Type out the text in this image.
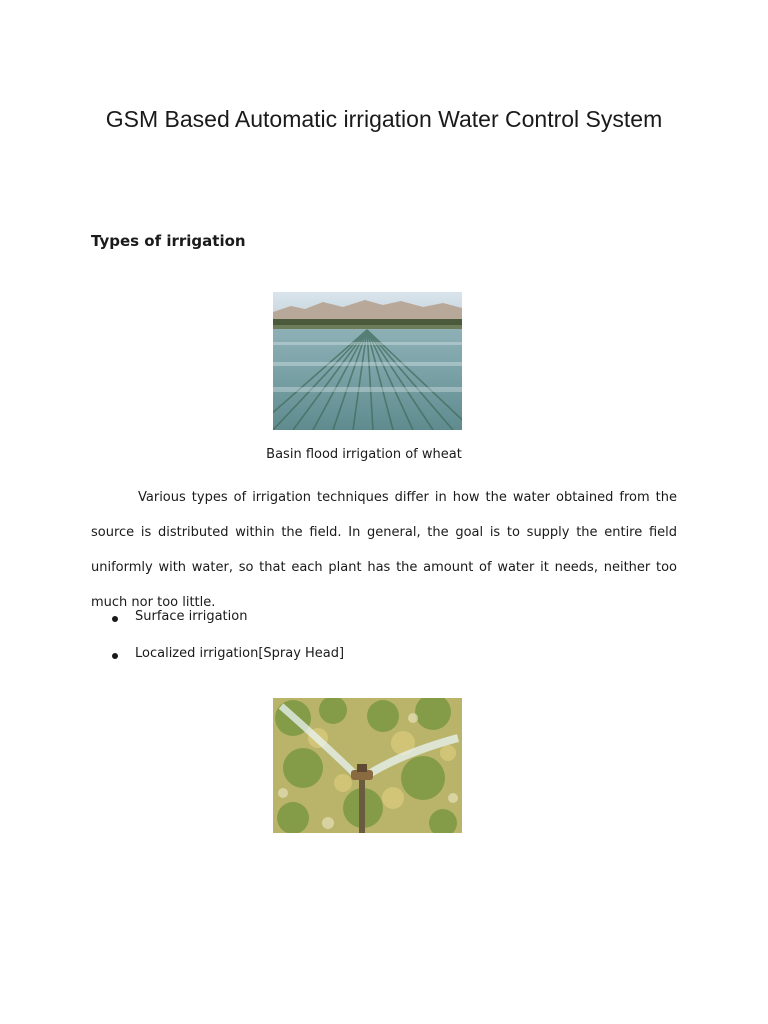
GSM Based Automatic irrigation Water Control System
Types of irrigation

Basin flood irrigation of wheat

Various types of irrigation techniques differ in how the water obtained from the source is distributed within the field. In general, the goal is to supply the entire field uniformly with water, so that each plant has the amount of water it needs, neither too much nor too little.

Surface irrigation
Localized irrigation[Spray Head]
